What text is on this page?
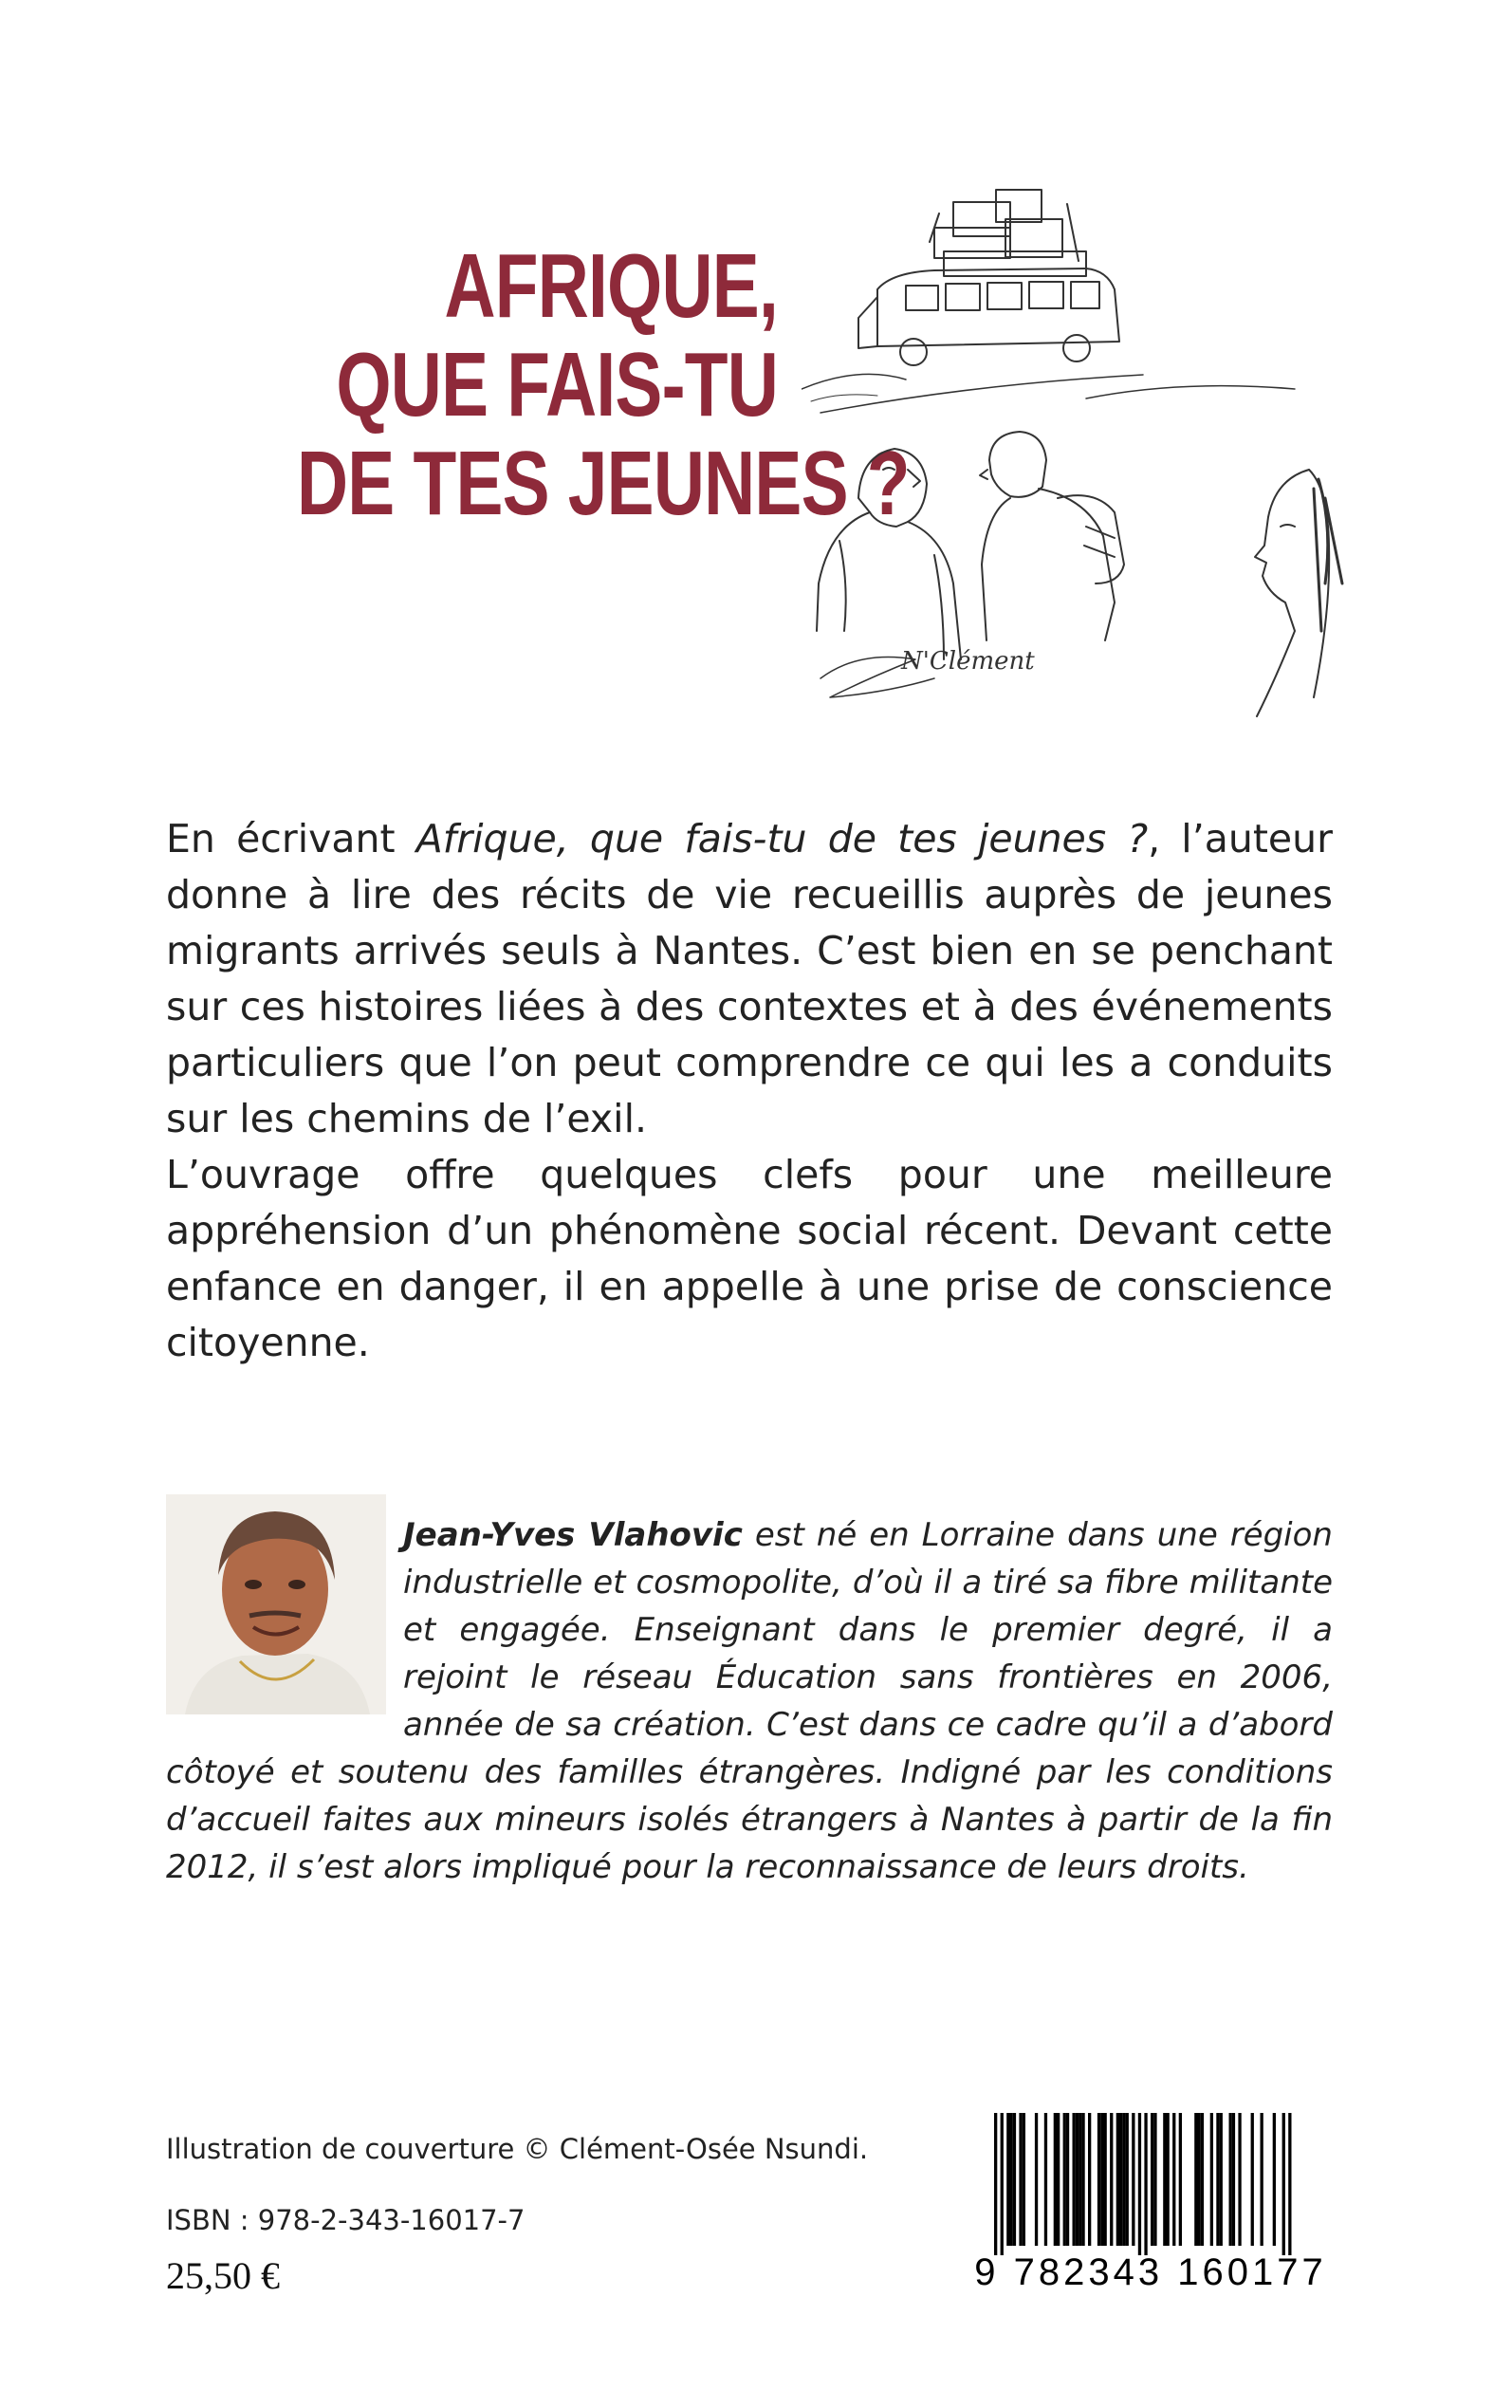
AFRIQUE,
QUE FAIS-TU
DE TES JEUNES ?
N'Clément

En écrivant Afrique, que fais-tu de tes jeunes ?, l’auteur donne à lire des récits de vie recueillis auprès de jeunes migrants arrivés seuls à Nantes. C’est bien en se penchant sur ces histoires liées à des contextes et à des événements particuliers que l’on peut comprendre ce qui les a conduits sur les chemins de l’exil.

L’ouvrage offre quelques clefs pour une meilleure appréhension d’un phénomène social récent. Devant cette enfance en danger, il en appelle à une prise de conscience citoyenne.

Jean-Yves Vlahovic est né en Lorraine dans une région industrielle et cosmopolite, d’où il a tiré sa fibre militante et engagée. Enseignant dans le premier degré, il a rejoint le réseau Éducation sans frontières en 2006, année de sa création. C’est dans ce cadre qu’il a d’abord côtoyé et soutenu des familles étrangères. Indigné par les conditions d’accueil faites aux mineurs isolés étrangers à Nantes à partir de la fin 2012, il s’est alors impliqué pour la reconnaissance de leurs droits.
Illustration de couverture © Clément-Osée Nsundi.
ISBN : 978-2-343-16017-7
25,50 €	9 782343 160177
